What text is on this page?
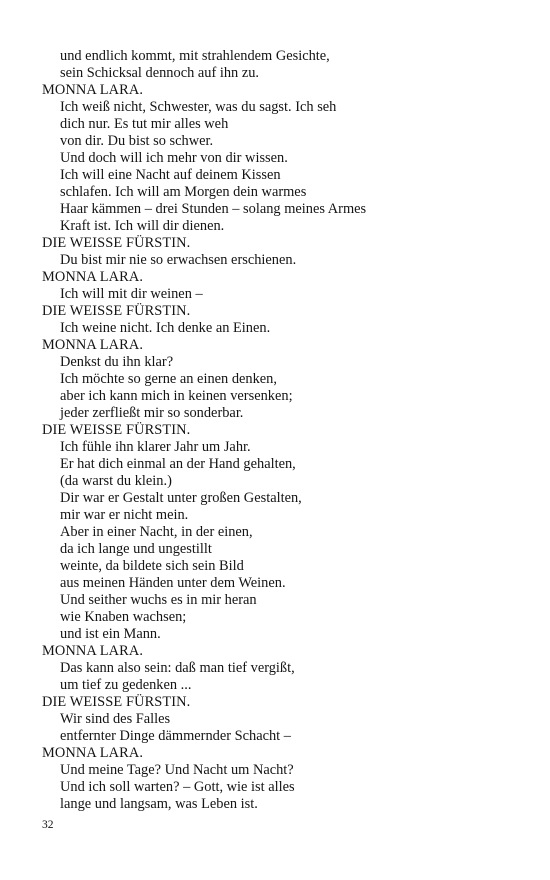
und endlich kommt, mit strahlendem Gesichte,
sein Schicksal dennoch auf ihn zu.
MONNA LARA.
Ich weiß nicht, Schwester, was du sagst. Ich seh
dich nur. Es tut mir alles weh
von dir. Du bist so schwer.
Und doch will ich mehr von dir wissen.
Ich will eine Nacht auf deinem Kissen
schlafen. Ich will am Morgen dein warmes
Haar kämmen – drei Stunden – solang meines Armes
Kraft ist. Ich will dir dienen.
DIE WEISSE FÜRSTIN.
Du bist mir nie so erwachsen erschienen.
MONNA LARA.
Ich will mit dir weinen –
DIE WEISSE FÜRSTIN.
Ich weine nicht. Ich denke an Einen.
MONNA LARA.
Denkst du ihn klar?
Ich möchte so gerne an einen denken,
aber ich kann mich in keinen versenken;
jeder zerfließt mir so sonderbar.
DIE WEISSE FÜRSTIN.
Ich fühle ihn klarer Jahr um Jahr.
Er hat dich einmal an der Hand gehalten,
(da warst du klein.)
Dir war er Gestalt unter großen Gestalten,
mir war er nicht mein.
Aber in einer Nacht, in der einen,
da ich lange und ungestillt
weinte, da bildete sich sein Bild
aus meinen Händen unter dem Weinen.
Und seither wuchs es in mir heran
wie Knaben wachsen;
und ist ein Mann.
MONNA LARA.
Das kann also sein: daß man tief vergißt,
um tief zu gedenken ...
DIE WEISSE FÜRSTIN.
Wir sind des Falles
entfernter Dinge dämmernder Schacht –
MONNA LARA.
Und meine Tage? Und Nacht um Nacht?
Und ich soll warten? – Gott, wie ist alles
lange und langsam, was Leben ist.
32
